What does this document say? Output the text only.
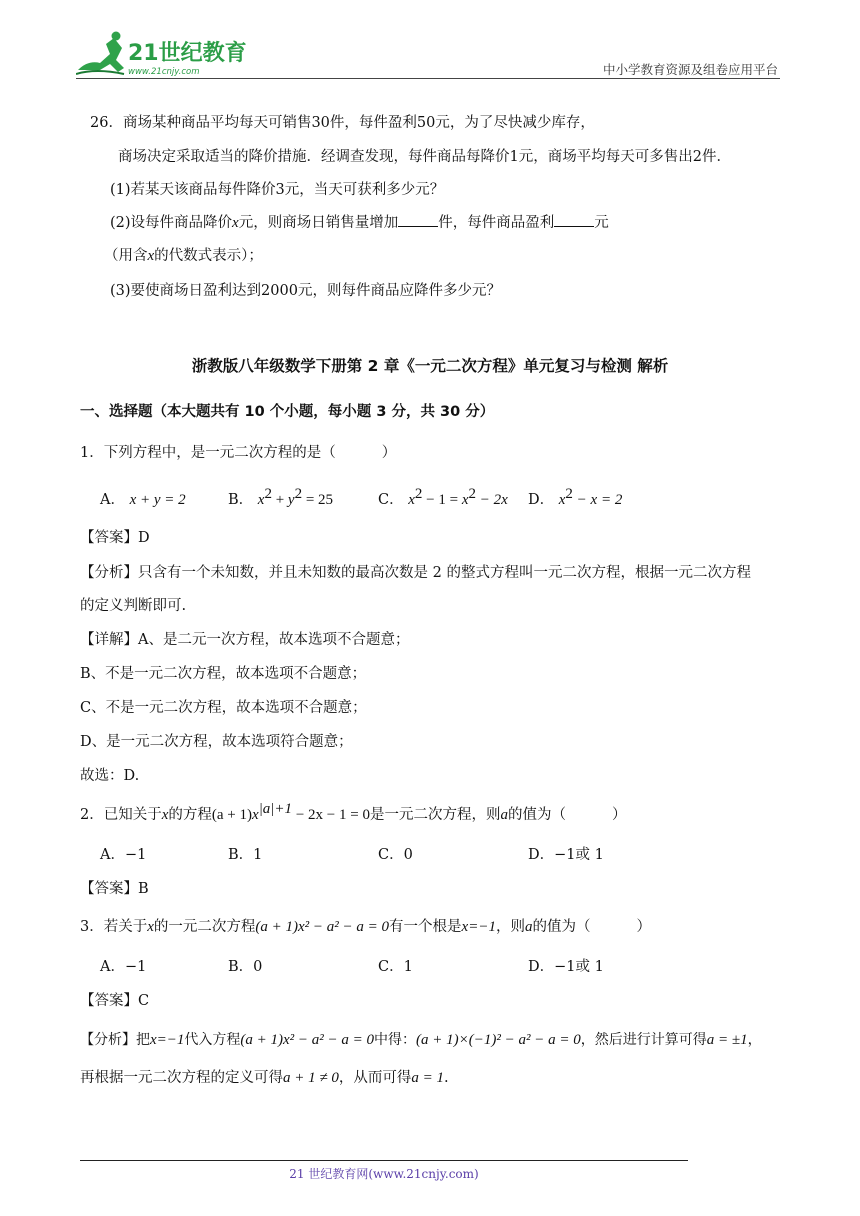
21世纪教育
www.21cnjy.com	中小学教育资源及组卷应用平台
26．商场某种商品平均每天可销售30件，每件盈利50元，为了尽快减少库存，
商场决定采取适当的降价措施．经调查发现，每件商品每降价1元，商场平均每天可多售出2件．
(1)若某天该商品每件降价3元，当天可获利多少元？
(2)设每件商品降价x元，则商场日销售量增加	件，每件商品盈利	元
（用含x的代数式表示）；
(3)要使商场日盈利达到2000元，则每件商品应降件多少元？
浙教版八年级数学下册第 2 章《一元二次方程》单元复习与检测 解析
一、选择题（本大题共有 10 个小题，每小题 3 分，共 30 分）
1．下列方程中，是一元二次方程的是（	）
A． x + y = 2	B． $x^2 + y^2 = 25$	C． $x^2 - 1 = x^2 - 2x$ D． $x^2 - x = 2$
【答案】D
【分析】只含有一个未知数，并且未知数的最高次数是 2 的整式方程叫一元二次方程，根据一元二次方程
的定义判断即可.
【详解】A、是二元一次方程，故本选项不合题意；
B、不是一元二次方程，故本选项不合题意；
C、不是一元二次方程，故本选项不合题意；
D、是一元二次方程，故本选项符合题意；
故选：D.
2．已知关于x的方程$(a + 1)x^{|a|+1} - 2x - 1 = 0$是一元二次方程，则a的值为（	）
A．−1	B．1	C．0	D．−1或 1
【答案】B
3．若关于x的一元二次方程(a + 1)x² − a² − a = 0有一个根是x=−1，则a的值为（	）
A．−1	B．0	C．1	D．−1或 1
【答案】C
【分析】把x=−1代入方程(a + 1)x² − a² − a = 0中得：(a + 1)×(−1)² − a² − a = 0，然后进行计算可得a = ±1，
再根据一元二次方程的定义可得a + 1 ≠ 0，从而可得a = 1.
21 世纪教育网(www.21cnjy.com)
